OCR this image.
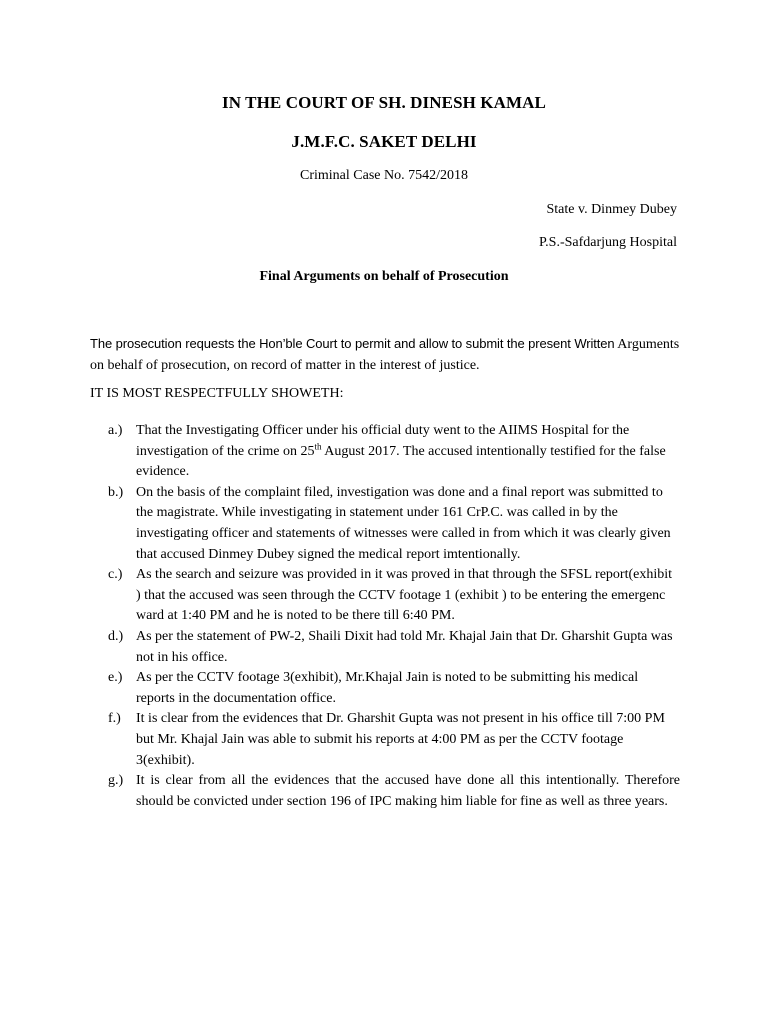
IN THE COURT OF SH. DINESH KAMAL
J.M.F.C. SAKET DELHI
Criminal Case No. 7542/2018
State v. Dinmey Dubey
P.S.-Safdarjung Hospital
Final Arguments on behalf of Prosecution
The prosecution requests the Hon’ble Court to permit and allow to submit the present Written Arguments on behalf of prosecution, on record of matter in the interest of justice.
IT IS MOST RESPECTFULLY SHOWETH:
a.) That the Investigating Officer under his official duty went to the AIIMS Hospital for the investigation of the crime on 25th August 2017. The accused intentionally testified for the false evidence.
b.) On the basis of the complaint filed, investigation was done and a final report was submitted to the magistrate. While investigating in statement under 161 CrP.C. was called in by the investigating officer and statements of witnesses were called in from which it was clearly given that accused Dinmey Dubey signed the medical report imtentionally.
c.) As the search and seizure was provided in it was proved in that through the SFSL report(exhibit ) that the accused was seen through the CCTV footage 1 (exhibit ) to be entering the emergenc ward at 1:40 PM and he is noted to be there till 6:40 PM.
d.) As per the statement of PW-2, Shaili Dixit had told Mr. Khajal Jain that Dr. Gharshit Gupta was not in his office.
e.) As per the CCTV footage 3(exhibit), Mr.Khajal Jain is noted to be submitting his medical reports in the documentation office.
f.) It is clear from the evidences that Dr. Gharshit Gupta was not present in his office till 7:00 PM but Mr. Khajal Jain was able to submit his reports at 4:00 PM as per the CCTV footage 3(exhibit).
g.) It is clear from all the evidences that the accused have done all this intentionally. Therefore should be convicted under section 196 of IPC making him liable for fine as well as three years.
